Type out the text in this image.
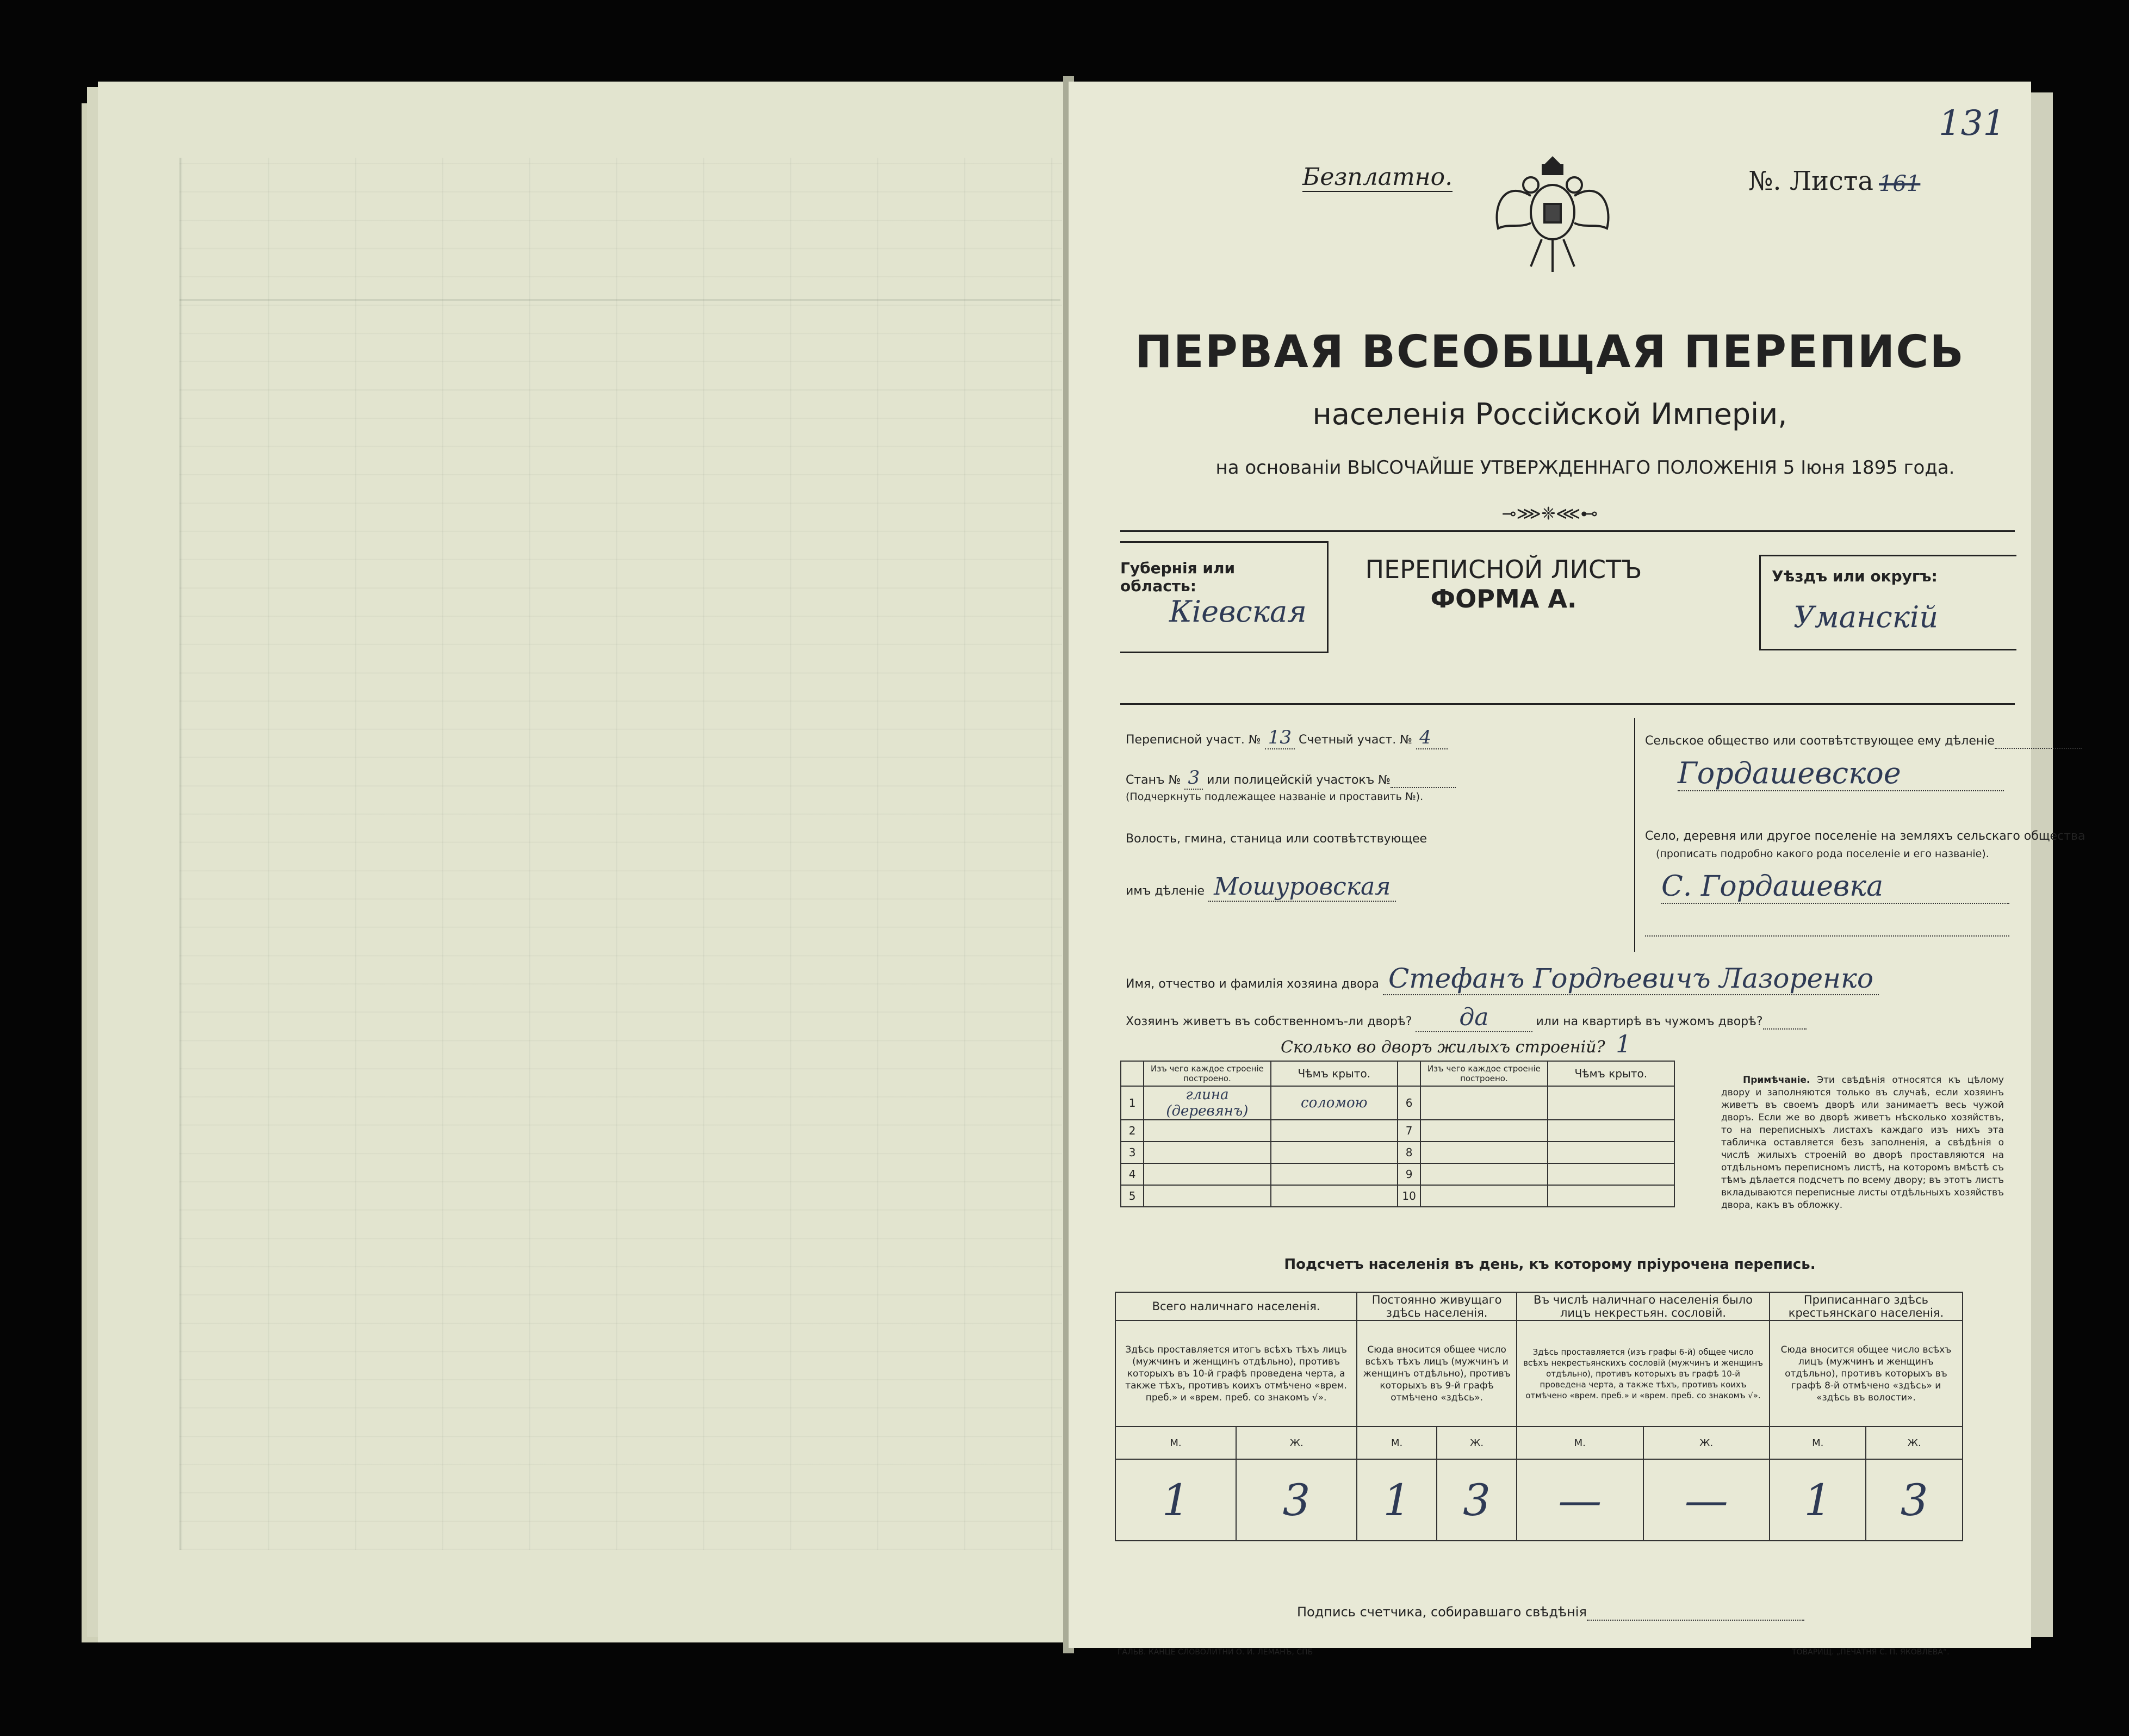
Безплатно.	№. Листа 161
131
ПЕРВАЯ ВСЕОБЩАЯ ПЕРЕПИСЬ
населенія Россійской Имперіи,
на основаніи ВЫСОЧАЙШЕ УТВЕРЖДЕННАГО ПОЛОЖЕНІЯ 5 Іюня 1895 года.
⊸⋙❈⋘⊷
Губернія или область:
Кіевская
ПЕРЕПИСНОЙ ЛИСТЪ
ФОРМА А.
Уѣздъ или округъ:
Уманскій
Переписной участ. № 13 Счетный участ. № 4
Станъ № 3 или полицейскій участокъ №
(Подчеркнуть подлежащее названіе и проставить №).
Волость, гмина, станица или соотвѣтствующее
имъ дѣленіе Мошуровская
Сельское общество или соотвѣтствующее ему дѣленіе
Гордашевское
Село, деревня или другое поселеніе на земляхъ сельскаго общества
(прописать подробно какого рода поселеніе и его названіе).
С. Гордашевка
Имя, отчество и фамилія хозяина двора Стефанъ Гордѣевичъ Лазоренко
Хозяинъ живетъ въ собственномъ-ли дворѣ? да	или на квартирѣ въ чужомъ дворѣ?
Сколько во дворъ жилыхъ строеній? 1
	Изъ чего каждое строеніе построено.	Чѣмъ крыто.		Изъ чего каждое строеніе построено.	Чѣмъ крыто.
1	глина (деревянъ)	соломою	6		
2			7		
3			8		
4			9		
5			10		
Примѣчаніе. Эти свѣдѣнія относятся къ цѣлому двору и заполняются только въ случаѣ, если хозяинъ живетъ въ своемъ дворѣ или занимаетъ весь чужой дворъ. Если же во дворѣ живетъ нѣсколько хозяйствъ, то на переписныхъ листахъ каждаго изъ нихъ эта табличка оставляется безъ заполненія, а свѣдѣнія о числѣ жилыхъ строеній во дворѣ проставляются на отдѣльномъ переписномъ листѣ, на которомъ вмѣстѣ съ тѣмъ дѣлается подсчетъ по всему двору; въ этотъ листъ вкладываются переписные листы отдѣльныхъ хозяйствъ двора, какъ въ обложку.
Подсчетъ населенія въ день, къ которому пріурочена перепись.
Всего наличнаго населенія.		Постоянно живущаго здѣсь населенія.		Въ числѣ наличнаго населенія было лицъ некрестьян. сословій.		Приписаннаго здѣсь крестьянскаго населенія.	
Здѣсь проставляется итогъ всѣхъ тѣхъ лицъ (мужчинъ и женщинъ отдѣльно), противъ которыхъ въ 10-й графѣ проведена черта, а также тѣхъ, противъ коихъ отмѣчено «врем. преб.» и «врем. преб. со знакомъ √».		Сюда вносится общее число всѣхъ тѣхъ лицъ (мужчинъ и женщинъ отдѣльно), противъ которыхъ въ 9-й графѣ отмѣчено «здѣсь».		Здѣсь проставляется (изъ графы 6-й) общее число всѣхъ некрестьянскихъ сословій (мужчинъ и женщинъ отдѣльно), противъ которыхъ въ графѣ 10-й проведена черта, а также тѣхъ, противъ коихъ отмѣчено «врем. преб.» и «врем. преб. со знакомъ √».		Сюда вносится общее число всѣхъ лицъ (мужчинъ и женщинъ отдѣльно), противъ которыхъ въ графѣ 8-й отмѣчено «здѣсь» и «здѣсь въ волости».	
М.	Ж.	М.	Ж.	М.	Ж.	М.	Ж.
1	3	1	3	—	—	1	3
Подпись счетчика, собиравшаго свѣдѣнія
ГАЛЬВ. КАНЦЕ СЛОВОЛИТНИ О. И. ЛЕМАНЪ, СПБ	ТОВАРИЩ. „ПЕЧАТНЯ С. П. ЯКОВЛЕВА“.
